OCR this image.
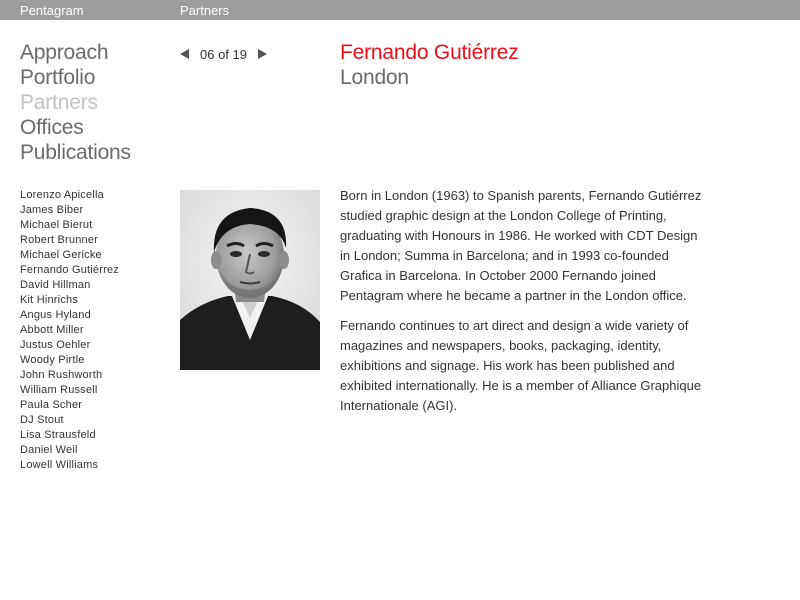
Pentagram	Partners
Approach
Portfolio
Partners
Offices
Publications
06 of 19	Fernando Gutiérrez
London
Lorenzo Apicella
James Biber
Michael Bierut
Robert Brunner
Michael Gericke
Fernando Gutiérrez
David Hillman
Kit Hinrichs
Angus Hyland
Abbott Miller
Justus Oehler
Woody Pirtle
John Rushworth
William Russell
Paula Scher
DJ Stout
Lisa Strausfeld
Daniel Weil
Lowell Williams

Born in London (1963) to Spanish parents, Fernando Gutiérrez studied graphic design at the London College of Printing, graduating with Honours in 1986. He worked with CDT Design in London; Summa in Barcelona; and in 1993 co-founded Grafica in Barcelona. In October 2000 Fernando joined Pentagram where he became a partner in the London office.

Fernando continues to art direct and design a wide variety of magazines and newspapers, books, packaging, identity, exhibitions and signage. His work has been published and exhibited internationally. He is a member of Alliance Graphique Internationale (AGI).
